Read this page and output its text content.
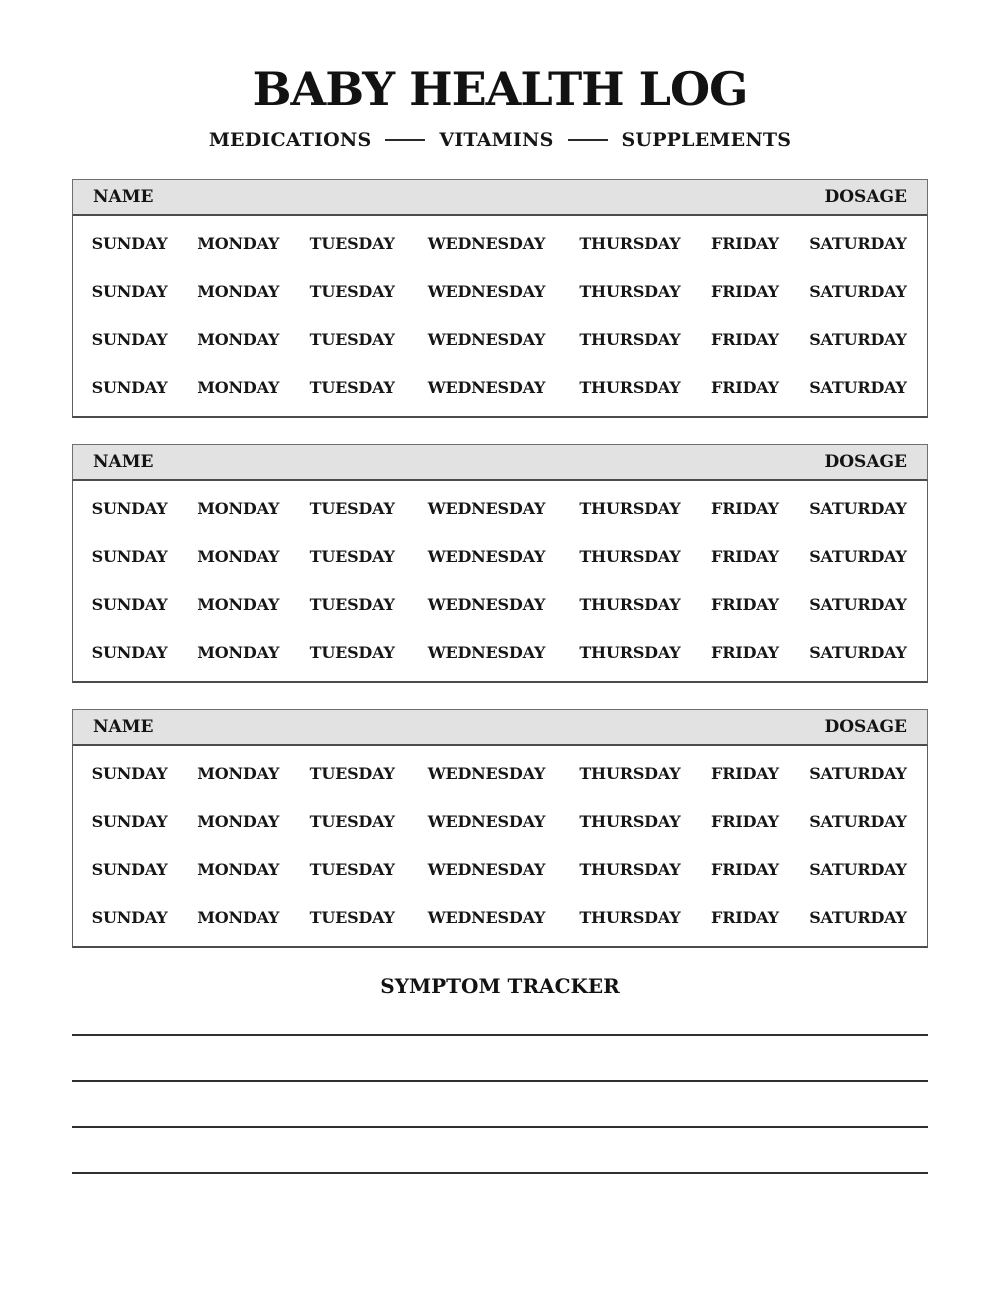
BABY HEALTH LOG
MEDICATIONS	VITAMINS	SUPPLEMENTS
NAME	DOSAGE
SUNDAY	MONDAY	TUESDAY	WEDNESDAY	THURSDAY	FRIDAY	SATURDAY
SUNDAY	MONDAY	TUESDAY	WEDNESDAY	THURSDAY	FRIDAY	SATURDAY
SUNDAY	MONDAY	TUESDAY	WEDNESDAY	THURSDAY	FRIDAY	SATURDAY
SUNDAY	MONDAY	TUESDAY	WEDNESDAY	THURSDAY	FRIDAY	SATURDAY
NAME	DOSAGE
SUNDAY	MONDAY	TUESDAY	WEDNESDAY	THURSDAY	FRIDAY	SATURDAY
SUNDAY	MONDAY	TUESDAY	WEDNESDAY	THURSDAY	FRIDAY	SATURDAY
SUNDAY	MONDAY	TUESDAY	WEDNESDAY	THURSDAY	FRIDAY	SATURDAY
SUNDAY	MONDAY	TUESDAY	WEDNESDAY	THURSDAY	FRIDAY	SATURDAY
NAME	DOSAGE
SUNDAY	MONDAY	TUESDAY	WEDNESDAY	THURSDAY	FRIDAY	SATURDAY
SUNDAY	MONDAY	TUESDAY	WEDNESDAY	THURSDAY	FRIDAY	SATURDAY
SUNDAY	MONDAY	TUESDAY	WEDNESDAY	THURSDAY	FRIDAY	SATURDAY
SUNDAY	MONDAY	TUESDAY	WEDNESDAY	THURSDAY	FRIDAY	SATURDAY
SYMPTOM TRACKER
